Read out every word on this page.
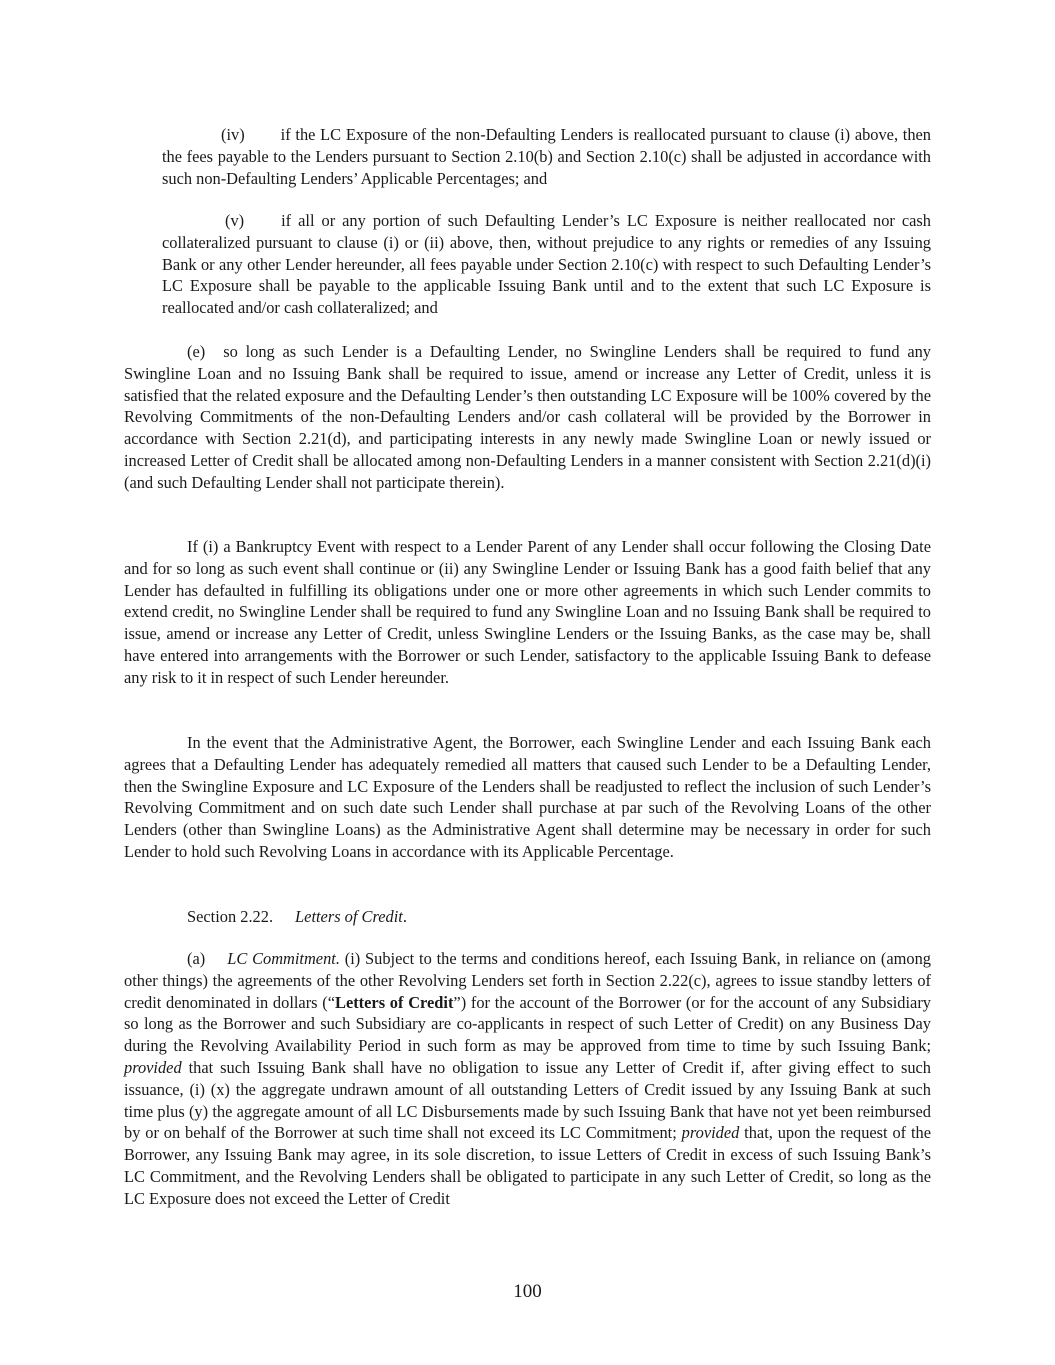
(iv) if the LC Exposure of the non-Defaulting Lenders is reallocated pursuant to clause (i) above, then the fees payable to the Lenders pursuant to Section 2.10(b) and Section 2.10(c) shall be adjusted in accordance with such non-Defaulting Lenders’ Applicable Percentages; and

(v) if all or any portion of such Defaulting Lender’s LC Exposure is neither reallocated nor cash collateralized pursuant to clause (i) or (ii) above, then, without prejudice to any rights or remedies of any Issuing Bank or any other Lender hereunder, all fees payable under Section 2.10(c) with respect to such Defaulting Lender’s LC Exposure shall be payable to the applicable Issuing Bank until and to the extent that such LC Exposure is reallocated and/or cash collateralized; and

(e) so long as such Lender is a Defaulting Lender, no Swingline Lenders shall be required to fund any Swingline Loan and no Issuing Bank shall be required to issue, amend or increase any Letter of Credit, unless it is satisfied that the related exposure and the Defaulting Lender’s then outstanding LC Exposure will be 100% covered by the Revolving Commitments of the non-Defaulting Lenders and/or cash collateral will be provided by the Borrower in accordance with Section 2.21(d), and participating interests in any newly made Swingline Loan or newly issued or increased Letter of Credit shall be allocated among non-Defaulting Lenders in a manner consistent with Section 2.21(d)(i) (and such Defaulting Lender shall not participate therein).

If (i) a Bankruptcy Event with respect to a Lender Parent of any Lender shall occur following the Closing Date and for so long as such event shall continue or (ii) any Swingline Lender or Issuing Bank has a good faith belief that any Lender has defaulted in fulfilling its obligations under one or more other agreements in which such Lender commits to extend credit, no Swingline Lender shall be required to fund any Swingline Loan and no Issuing Bank shall be required to issue, amend or increase any Letter of Credit, unless Swingline Lenders or the Issuing Banks, as the case may be, shall have entered into arrangements with the Borrower or such Lender, satisfactory to the applicable Issuing Bank to defease any risk to it in respect of such Lender hereunder.

In the event that the Administrative Agent, the Borrower, each Swingline Lender and each Issuing Bank each agrees that a Defaulting Lender has adequately remedied all matters that caused such Lender to be a Defaulting Lender, then the Swingline Exposure and LC Exposure of the Lenders shall be readjusted to reflect the inclusion of such Lender’s Revolving Commitment and on such date such Lender shall purchase at par such of the Revolving Loans of the other Lenders (other than Swingline Loans) as the Administrative Agent shall determine may be necessary in order for such Lender to hold such Revolving Loans in accordance with its Applicable Percentage.

Section 2.22. Letters of Credit.

(a) LC Commitment. (i) Subject to the terms and conditions hereof, each Issuing Bank, in reliance on (among other things) the agreements of the other Revolving Lenders set forth in Section 2.22(c), agrees to issue standby letters of credit denominated in dollars (“Letters of Credit”) for the account of the Borrower (or for the account of any Subsidiary so long as the Borrower and such Subsidiary are co-applicants in respect of such Letter of Credit) on any Business Day during the Revolving Availability Period in such form as may be approved from time to time by such Issuing Bank; provided that such Issuing Bank shall have no obligation to issue any Letter of Credit if, after giving effect to such issuance, (i) (x) the aggregate undrawn amount of all outstanding Letters of Credit issued by any Issuing Bank at such time plus (y) the aggregate amount of all LC Disbursements made by such Issuing Bank that have not yet been reimbursed by or on behalf of the Borrower at such time shall not exceed its LC Commitment; provided that, upon the request of the Borrower, any Issuing Bank may agree, in its sole discretion, to issue Letters of Credit in excess of such Issuing Bank’s LC Commitment, and the Revolving Lenders shall be obligated to participate in any such Letter of Credit, so long as the LC Exposure does not exceed the Letter of Credit

100
